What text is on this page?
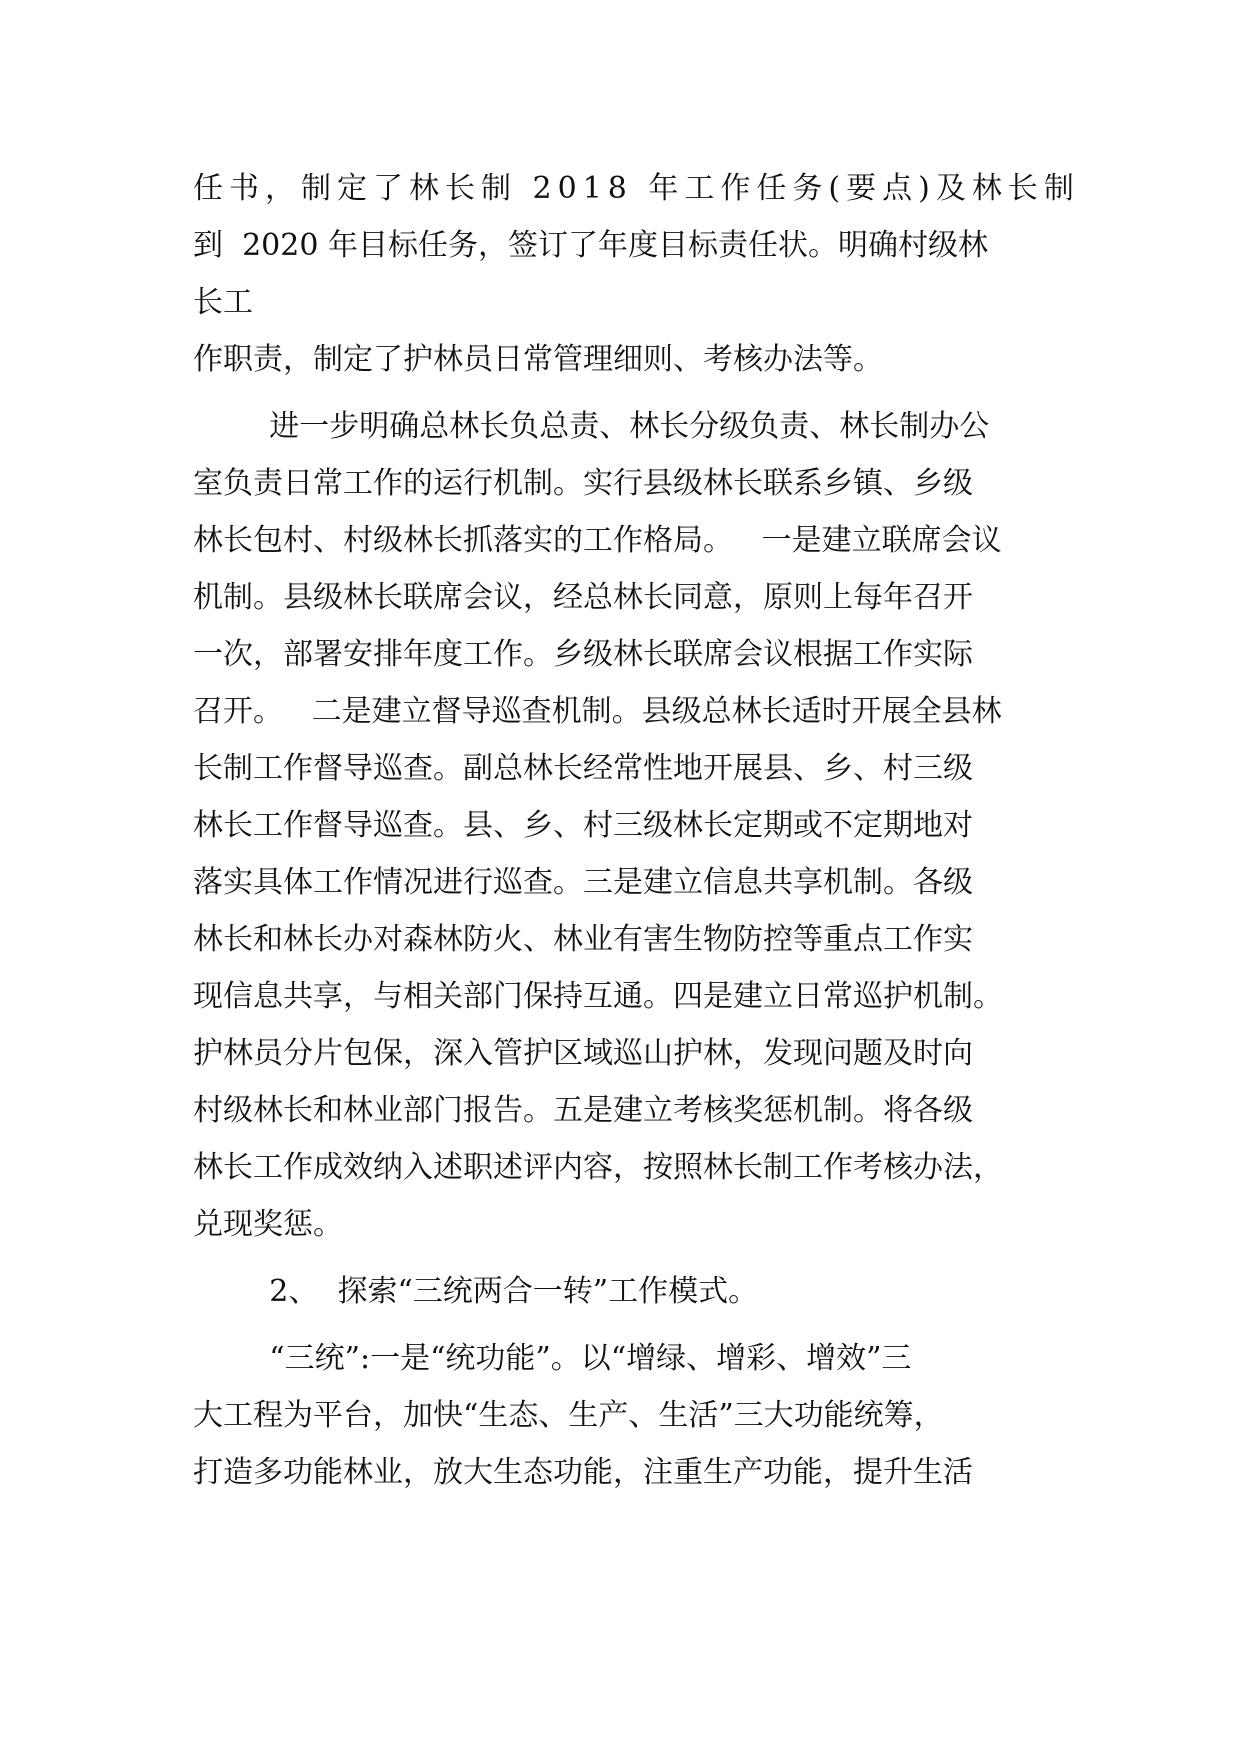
任书，制定了林长制 2018 年工作任务(要点)及林长制
到  2020 年目标任务，签订了年度目标责任状。明确村级林
长工
作职责，制定了护林员日常管理细则、考核办法等。
进一步明确总林长负总责、林长分级负责、林长制办公
室负责日常工作的运行机制。实行县级林长联系乡镇、乡级
林长包村、村级林长抓落实的工作格局。   一是建立联席会议
机制。县级林长联席会议，经总林长同意，原则上每年召开
一次，部署安排年度工作。乡级林长联席会议根据工作实际
召开。   二是建立督导巡查机制。县级总林长适时开展全县林
长制工作督导巡查。副总林长经常性地开展县、乡、村三级
林长工作督导巡查。县、乡、村三级林长定期或不定期地对
落实具体工作情况进行巡查。三是建立信息共享机制。各级
林长和林长办对森林防火、林业有害生物防控等重点工作实
现信息共享，与相关部门保持互通。四是建立日常巡护机制。
护林员分片包保，深入管护区域巡山护林，发现问题及时向
村级林长和林业部门报告。五是建立考核奖惩机制。将各级
林长工作成效纳入述职述评内容，按照林长制工作考核办法，
兑现奖惩。
2、  探索“三统两合一转”工作模式。
“三统”:一是“统功能”。以“增绿、增彩、增效”三
大工程为平台，加快“生态、生产、生活”三大功能统筹，
打造多功能林业，放大生态功能，注重生产功能，提升生活
